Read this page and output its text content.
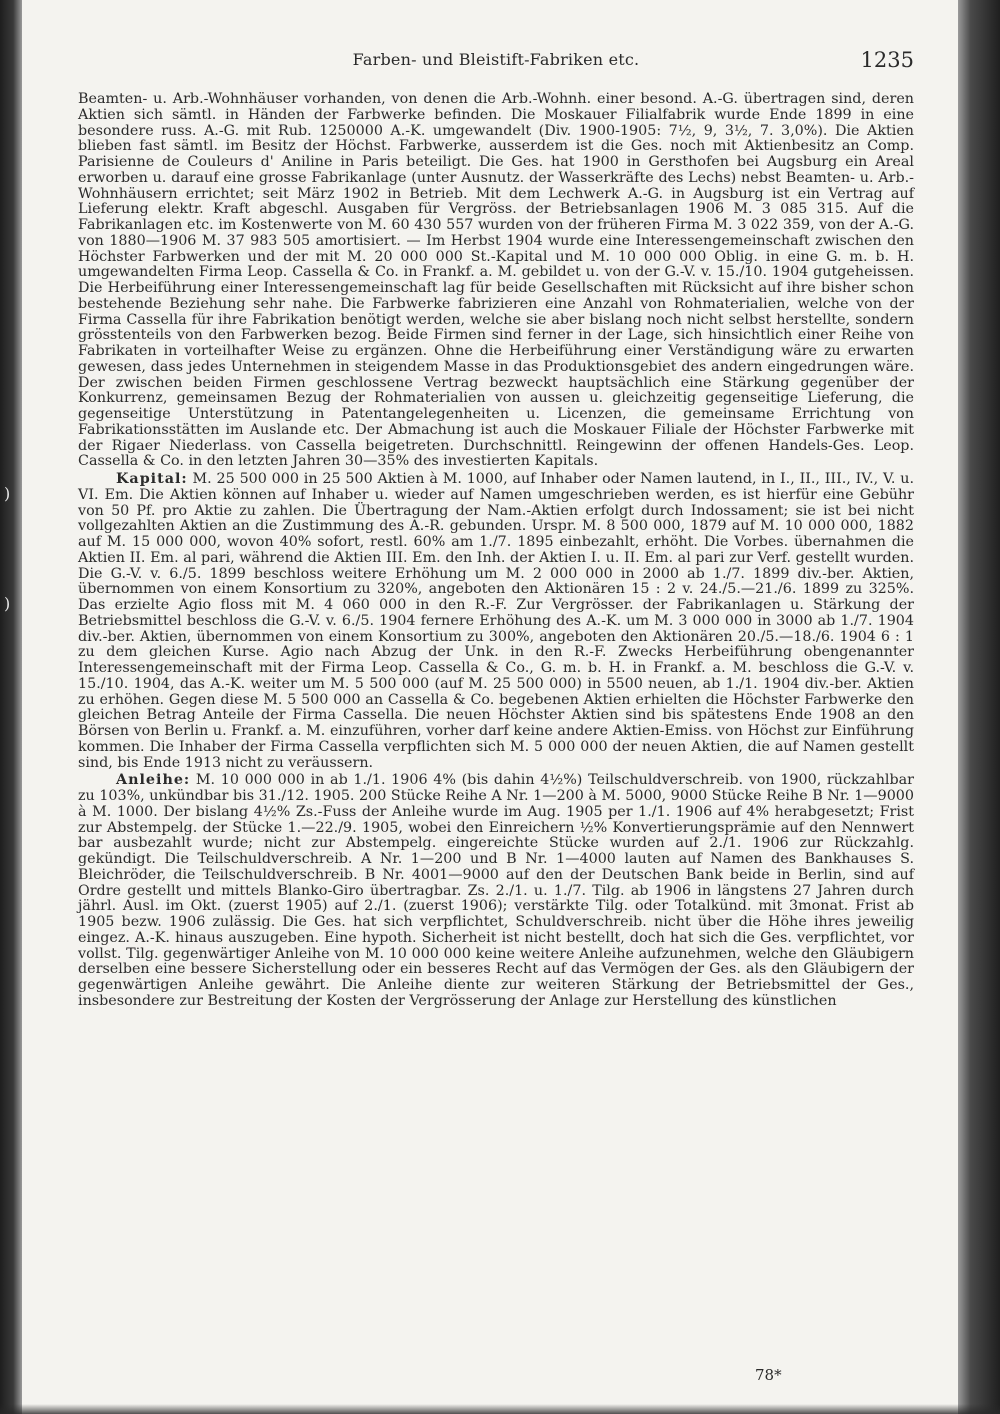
)
)
Farben- und Bleistift-Fabriken etc.	1235

Beamten- u. Arb.-Wohnhäuser vorhanden, von denen die Arb.-Wohnh. einer besond. A.-G. übertragen sind, deren Aktien sich sämtl. in Händen der Farbwerke befinden. Die Moskauer Filialfabrik wurde Ende 1899 in eine besondere russ. A.-G. mit Rub. 1250000 A.-K. umgewandelt (Div. 1900-1905: 7½, 9, 3½, 7. 3,0%). Die Aktien blieben fast sämtl. im Besitz der Höchst. Farbwerke, ausserdem ist die Ges. noch mit Aktienbesitz an Comp. Parisienne de Couleurs d' Aniline in Paris beteiligt. Die Ges. hat 1900 in Gersthofen bei Augsburg ein Areal erworben u. darauf eine grosse Fabrikanlage (unter Ausnutz. der Wasserkräfte des Lechs) nebst Beamten- u. Arb.-Wohnhäusern errichtet; seit März 1902 in Betrieb. Mit dem Lechwerk A.-G. in Augsburg ist ein Vertrag auf Lieferung elektr. Kraft abgeschl. Ausgaben für Vergröss. der Betriebsanlagen 1906 M. 3 085 315. Auf die Fabrikanlagen etc. im Kostenwerte von M. 60 430 557 wurden von der früheren Firma M. 3 022 359, von der A.-G. von 1880—1906 M. 37 983 505 amortisiert. — Im Herbst 1904 wurde eine Interessengemeinschaft zwischen den Höchster Farbwerken und der mit M. 20 000 000 St.-Kapital und M. 10 000 000 Oblig. in eine G. m. b. H. umgewandelten Firma Leop. Cassella & Co. in Frankf. a. M. gebildet u. von der G.-V. v. 15./10. 1904 gutgeheissen. Die Herbeiführung einer Interessengemeinschaft lag für beide Gesellschaften mit Rücksicht auf ihre bisher schon bestehende Beziehung sehr nahe. Die Farbwerke fabrizieren eine Anzahl von Rohmaterialien, welche von der Firma Cassella für ihre Fabrikation benötigt werden, welche sie aber bislang noch nicht selbst herstellte, sondern grösstenteils von den Farbwerken bezog. Beide Firmen sind ferner in der Lage, sich hinsichtlich einer Reihe von Fabrikaten in vorteilhafter Weise zu ergänzen. Ohne die Herbeiführung einer Verständigung wäre zu erwarten gewesen, dass jedes Unternehmen in steigendem Masse in das Produktionsgebiet des andern eingedrungen wäre. Der zwischen beiden Firmen geschlossene Vertrag bezweckt hauptsächlich eine Stärkung gegenüber der Konkurrenz, gemeinsamen Bezug der Rohmaterialien von aussen u. gleichzeitig gegenseitige Lieferung, die gegenseitige Unterstützung in Patentangelegenheiten u. Licenzen, die gemeinsame Errichtung von Fabrikationsstätten im Auslande etc. Der Abmachung ist auch die Moskauer Filiale der Höchster Farbwerke mit der Rigaer Niederlass. von Cassella beigetreten. Durchschnittl. Reingewinn der offenen Handels-Ges. Leop. Cassella & Co. in den letzten Jahren 30—35% des investierten Kapitals.

Kapital: M. 25 500 000 in 25 500 Aktien à M. 1000, auf Inhaber oder Namen lautend, in I., II., III., IV., V. u. VI. Em. Die Aktien können auf Inhaber u. wieder auf Namen umgeschrieben werden, es ist hierfür eine Gebühr von 50 Pf. pro Aktie zu zahlen. Die Übertragung der Nam.-Aktien erfolgt durch Indossament; sie ist bei nicht vollgezahlten Aktien an die Zustimmung des A.-R. gebunden. Urspr. M. 8 500 000, 1879 auf M. 10 000 000, 1882 auf M. 15 000 000, wovon 40% sofort, restl. 60% am 1./7. 1895 einbezahlt, erhöht. Die Vorbes. übernahmen die Aktien II. Em. al pari, während die Aktien III. Em. den Inh. der Aktien I. u. II. Em. al pari zur Verf. gestellt wurden. Die G.-V. v. 6./5. 1899 beschloss weitere Erhöhung um M. 2 000 000 in 2000 ab 1./7. 1899 div.-ber. Aktien, übernommen von einem Konsortium zu 320%, angeboten den Aktionären 15 : 2 v. 24./5.—21./6. 1899 zu 325%. Das erzielte Agio floss mit M. 4 060 000 in den R.-F. Zur Vergrösser. der Fabrikanlagen u. Stärkung der Betriebsmittel beschloss die G.-V. v. 6./5. 1904 fernere Erhöhung des A.-K. um M. 3 000 000 in 3000 ab 1./7. 1904 div.-ber. Aktien, übernommen von einem Konsortium zu 300%, angeboten den Aktionären 20./5.—18./6. 1904 6 : 1 zu dem gleichen Kurse. Agio nach Abzug der Unk. in den R.-F. Zwecks Herbeiführung obengenannter Interessengemeinschaft mit der Firma Leop. Cassella & Co., G. m. b. H. in Frankf. a. M. beschloss die G.-V. v. 15./10. 1904, das A.-K. weiter um M. 5 500 000 (auf M. 25 500 000) in 5500 neuen, ab 1./1. 1904 div.-ber. Aktien zu erhöhen. Gegen diese M. 5 500 000 an Cassella & Co. begebenen Aktien erhielten die Höchster Farbwerke den gleichen Betrag Anteile der Firma Cassella. Die neuen Höchster Aktien sind bis spätestens Ende 1908 an den Börsen von Berlin u. Frankf. a. M. einzuführen, vorher darf keine andere Aktien-Emiss. von Höchst zur Einführung kommen. Die Inhaber der Firma Cassella verpflichten sich M. 5 000 000 der neuen Aktien, die auf Namen gestellt sind, bis Ende 1913 nicht zu veräussern.

Anleihe: M. 10 000 000 in ab 1./1. 1906 4% (bis dahin 4½%) Teilschuldverschreib. von 1900, rückzahlbar zu 103%, unkündbar bis 31./12. 1905. 200 Stücke Reihe A Nr. 1—200 à M. 5000, 9000 Stücke Reihe B Nr. 1—9000 à M. 1000. Der bislang 4½% Zs.-Fuss der Anleihe wurde im Aug. 1905 per 1./1. 1906 auf 4% herabgesetzt; Frist zur Abstempelg. der Stücke 1.—22./9. 1905, wobei den Einreichern ½% Konvertierungsprämie auf den Nennwert bar ausbezahlt wurde; nicht zur Abstempelg. eingereichte Stücke wurden auf 2./1. 1906 zur Rückzahlg. gekündigt. Die Teilschuldverschreib. A Nr. 1—200 und B Nr. 1—4000 lauten auf Namen des Bankhauses S. Bleichröder, die Teilschuldverschreib. B Nr. 4001—9000 auf den der Deutschen Bank beide in Berlin, sind auf Ordre gestellt und mittels Blanko-Giro übertragbar. Zs. 2./1. u. 1./7. Tilg. ab 1906 in längstens 27 Jahren durch jährl. Ausl. im Okt. (zuerst 1905) auf 2./1. (zuerst 1906); verstärkte Tilg. oder Totalkünd. mit 3monat. Frist ab 1905 bezw. 1906 zulässig. Die Ges. hat sich verpflichtet, Schuldverschreib. nicht über die Höhe ihres jeweilig eingez. A.-K. hinaus auszugeben. Eine hypoth. Sicherheit ist nicht bestellt, doch hat sich die Ges. verpflichtet, vor vollst. Tilg. gegenwärtiger Anleihe von M. 10 000 000 keine weitere Anleihe aufzunehmen, welche den Gläubigern derselben eine bessere Sicherstellung oder ein besseres Recht auf das Vermögen der Ges. als den Gläubigern der gegenwärtigen Anleihe gewährt. Die Anleihe diente zur weiteren Stärkung der Betriebsmittel der Ges., insbesondere zur Bestreitung der Kosten der Vergrösserung der Anlage zur Herstellung des künstlichen

78*
